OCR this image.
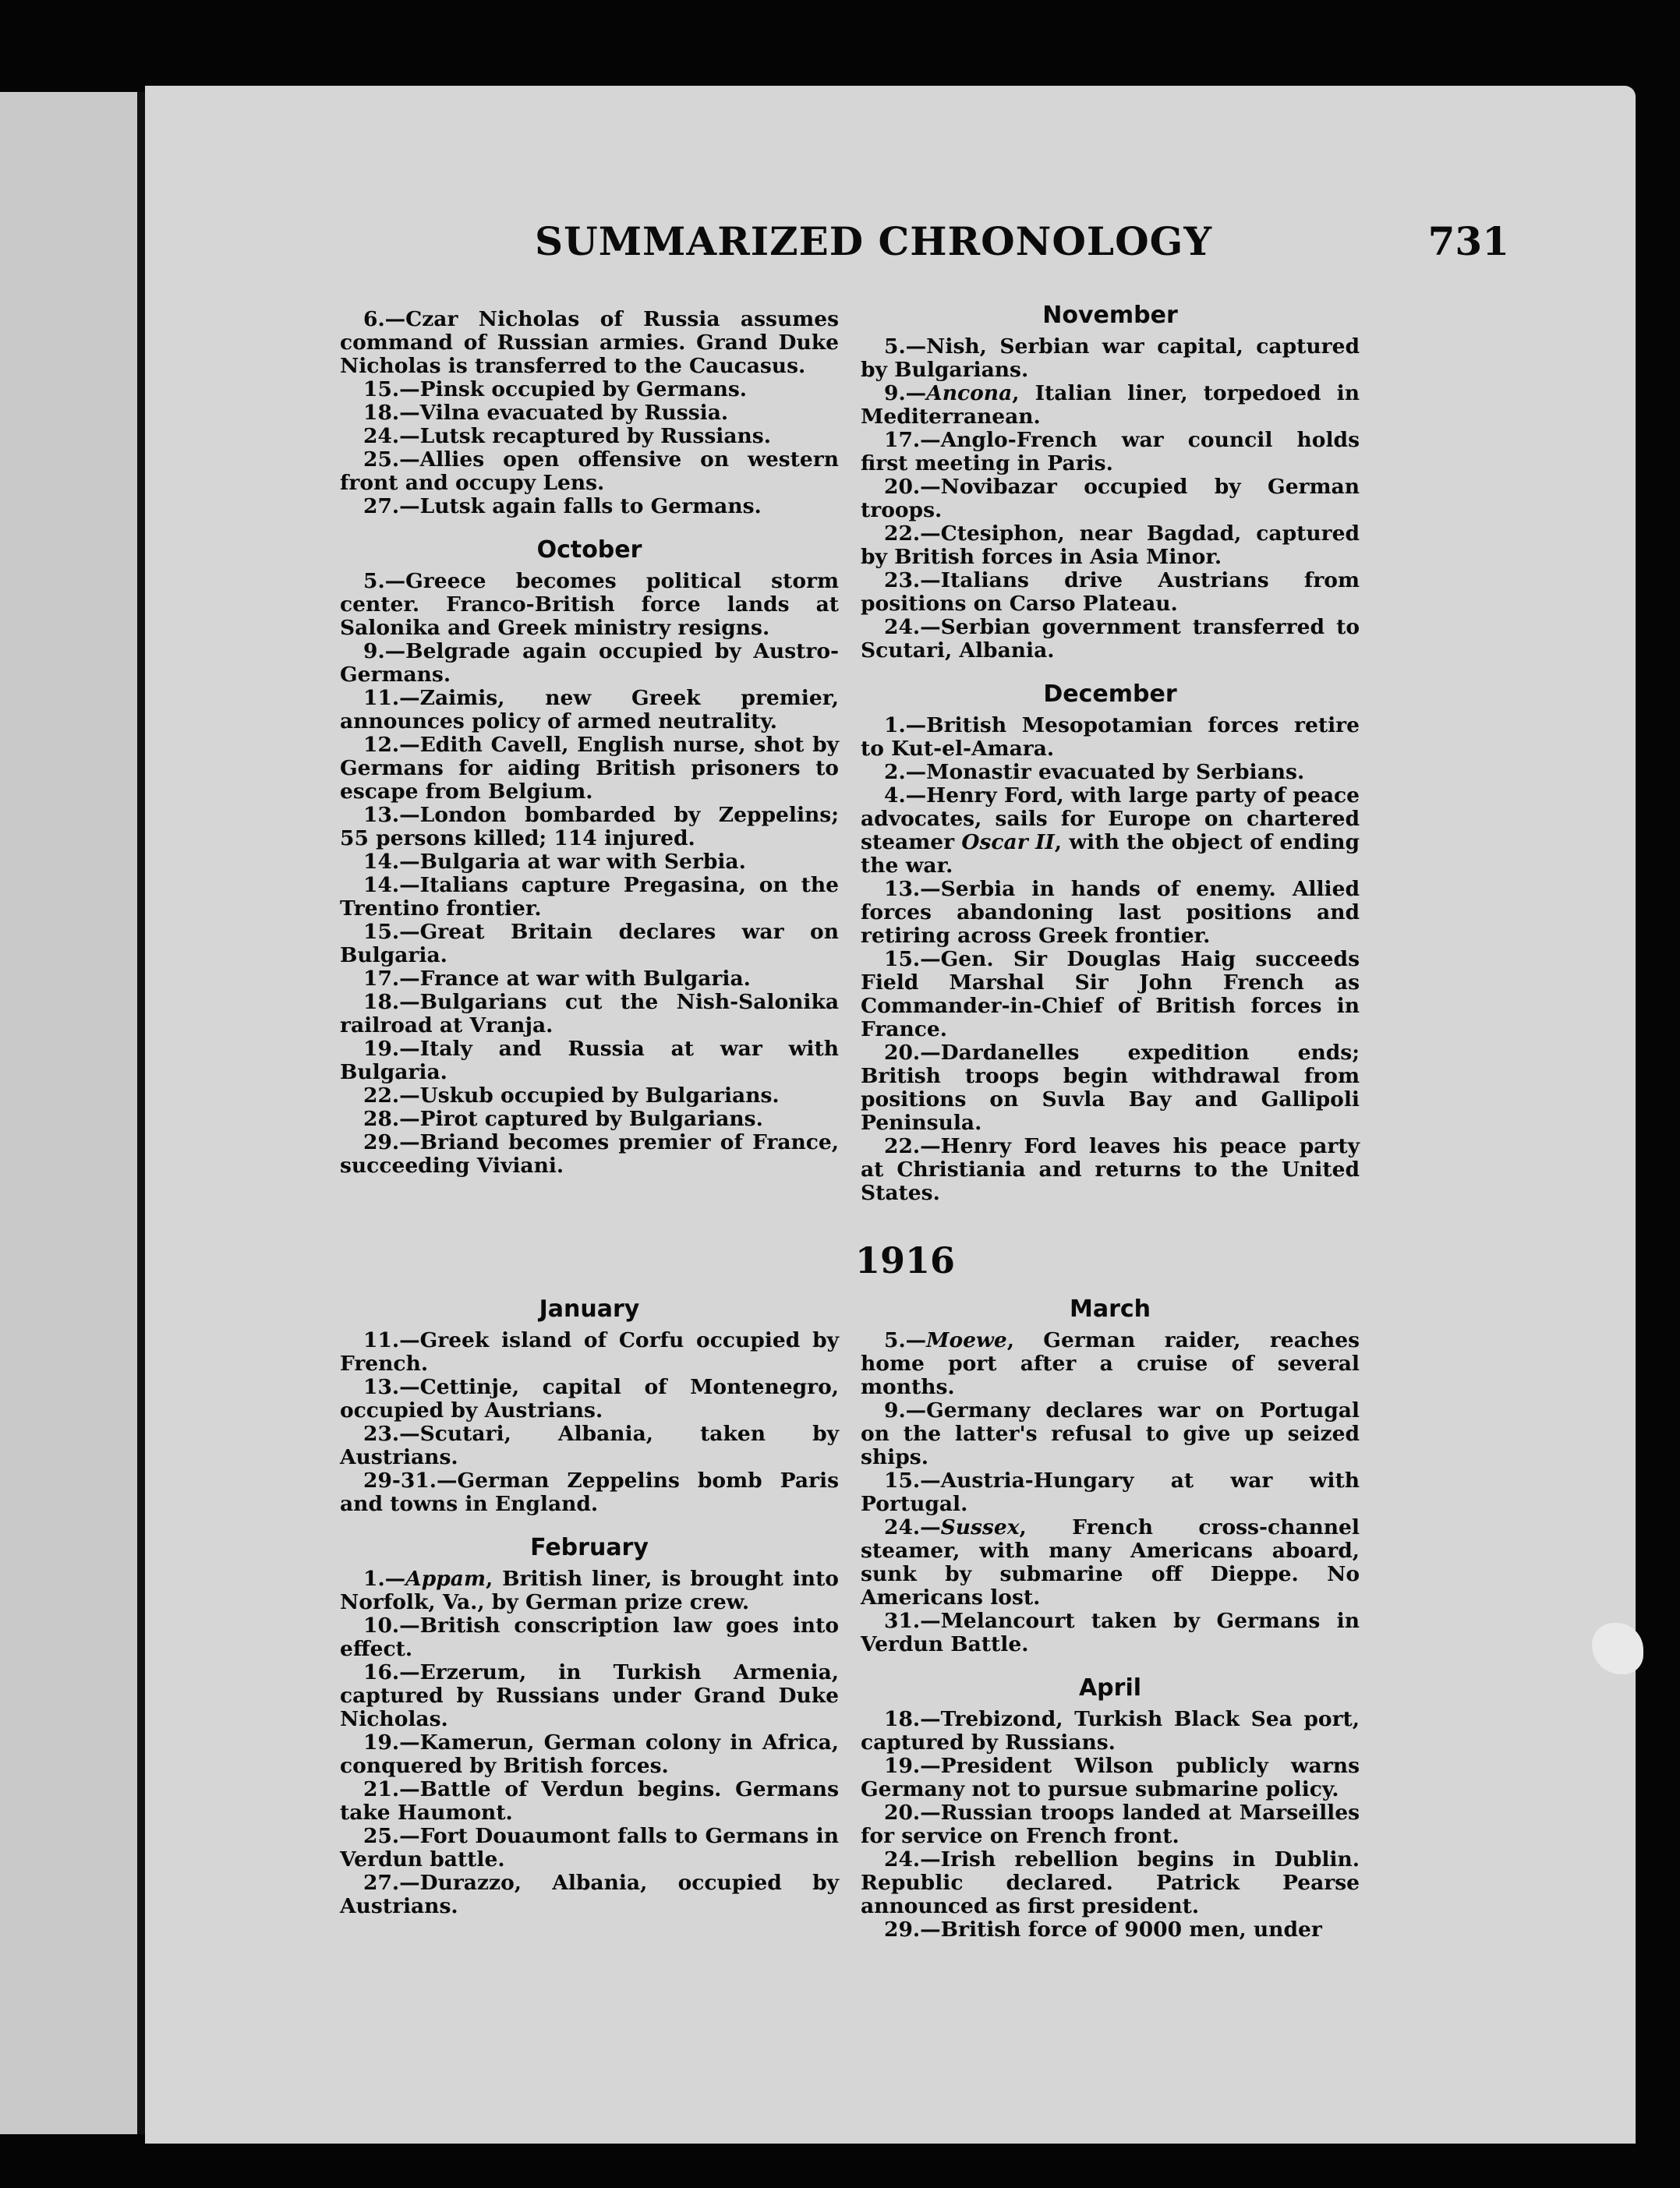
SUMMARIZED CHRONOLOGY	731

6.—Czar Nicholas of Russia assumes command of Russian armies. Grand Duke Nicholas is transferred to the Caucasus.

15.—Pinsk occupied by Germans.

18.—Vilna evacuated by Russia.

24.—Lutsk recaptured by Russians.

25.—Allies open offensive on western front and occupy Lens.

27.—Lutsk again falls to Germans.

October

5.—Greece becomes political storm center. Franco-British force lands at Salonika and Greek ministry resigns.

9.—Belgrade again occupied by Austro-Germans.

11.—Zaimis, new Greek premier, announces policy of armed neutrality.

12.—Edith Cavell, English nurse, shot by Germans for aiding British prisoners to escape from Belgium.

13.—London bombarded by Zeppelins; 55 persons killed; 114 injured.

14.—Bulgaria at war with Serbia.

14.—Italians capture Pregasina, on the Trentino frontier.

15.—Great Britain declares war on Bulgaria.

17.—France at war with Bulgaria.

18.—Bulgarians cut the Nish-Salonika railroad at Vranja.

19.—Italy and Russia at war with Bulgaria.

22.—Uskub occupied by Bulgarians.

28.—Pirot captured by Bulgarians.

29.—Briand becomes premier of France, succeeding Viviani.

November

5.—Nish, Serbian war capital, captured by Bulgarians.

9.—Ancona, Italian liner, torpedoed in Mediterranean.

17.—Anglo-French war council holds first meeting in Paris.

20.—Novibazar occupied by German troops.

22.—Ctesiphon, near Bagdad, captured by British forces in Asia Minor.

23.—Italians drive Austrians from positions on Carso Plateau.

24.—Serbian government transferred to Scutari, Albania.

December

1.—British Mesopotamian forces retire to Kut-el-Amara.

2.—Monastir evacuated by Serbians.

4.—Henry Ford, with large party of peace advocates, sails for Europe on chartered steamer Oscar II, with the object of ending the war.

13.—Serbia in hands of enemy. Allied forces abandoning last positions and retiring across Greek frontier.

15.—Gen. Sir Douglas Haig succeeds Field Marshal Sir John French as Commander-in-Chief of British forces in France.

20.—Dardanelles expedition ends; British troops begin withdrawal from positions on Suvla Bay and Gallipoli Peninsula.

22.—Henry Ford leaves his peace party at Christiania and returns to the United States.

1916
January

11.—Greek island of Corfu occupied by French.

13.—Cettinje, capital of Montenegro, occupied by Austrians.

23.—Scutari, Albania, taken by Austrians.

29-31.—German Zeppelins bomb Paris and towns in England.

February

1.—Appam, British liner, is brought into Norfolk, Va., by German prize crew.

10.—British conscription law goes into effect.

16.—Erzerum, in Turkish Armenia, captured by Russians under Grand Duke Nicholas.

19.—Kamerun, German colony in Africa, conquered by British forces.

21.—Battle of Verdun begins. Germans take Haumont.

25.—Fort Douaumont falls to Germans in Verdun battle.

27.—Durazzo, Albania, occupied by Austrians.

March

5.—Moewe, German raider, reaches home port after a cruise of several months.

9.—Germany declares war on Portugal on the latter's refusal to give up seized ships.

15.—Austria-Hungary at war with Portugal.

24.—Sussex, French cross-channel steamer, with many Americans aboard, sunk by submarine off Dieppe. No Americans lost.

31.—Melancourt taken by Germans in Verdun Battle.

April

18.—Trebizond, Turkish Black Sea port, captured by Russians.

19.—President Wilson publicly warns Germany not to pursue submarine policy.

20.—Russian troops landed at Marseilles for service on French front.

24.—Irish rebellion begins in Dublin. Republic declared. Patrick Pearse announced as first president.

29.—British force of 9000 men, under
